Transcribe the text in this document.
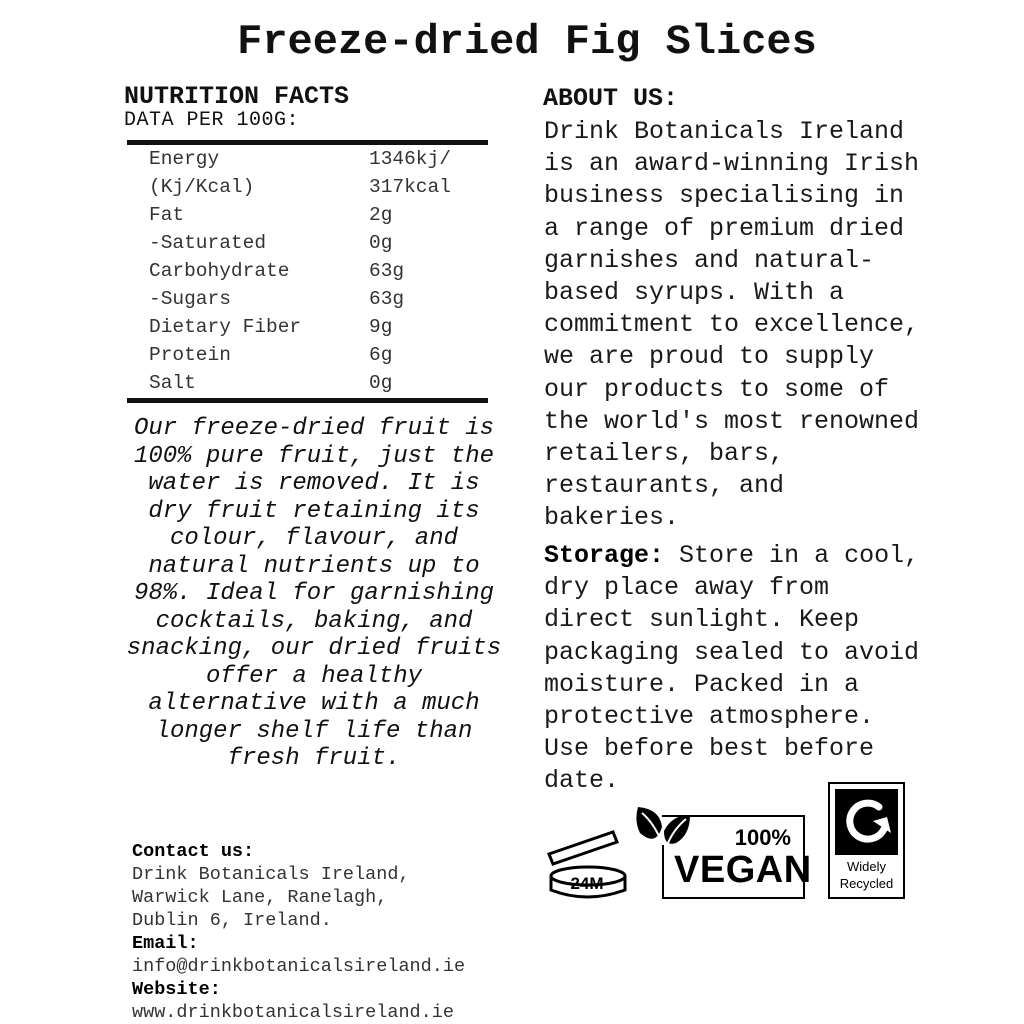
Freeze-dried Fig Slices
NUTRITION FACTS
DATA PER 100G:
Energy	1346kj/
(Kj/Kcal)	317kcal
Fat	2g
-Saturated	0g
Carbohydrate	63g
-Sugars	63g
Dietary Fiber	9g
Protein	6g
Salt	0g

Our freeze-dried fruit is 100% pure fruit, just the water is removed. It is dry fruit retaining its colour, flavour, and natural nutrients up to 98%. Ideal for garnishing cocktails, baking, and snacking, our dried fruits offer a healthy alternative with a much longer shelf life than fresh fruit.

Contact us:
Drink Botanicals Ireland,
Warwick Lane, Ranelagh,
Dublin 6, Ireland.
Email:
info@drinkbotanicalsireland.ie
Website:
www.drinkbotanicalsireland.ie
ABOUT US:

Drink Botanicals Ireland is an award-winning Irish business specialising in a range of premium dried garnishes and natural-based syrups. With a commitment to excellence, we are proud to supply our products to some of the world's most renowned retailers, bars, restaurants, and bakeries.

Storage: Store in a cool, dry place away from direct sunlight. Keep packaging sealed to avoid moisture. Packed in a protective atmosphere. Use before best before date.

24M
100%
VEGAN	Widely
Recycled
